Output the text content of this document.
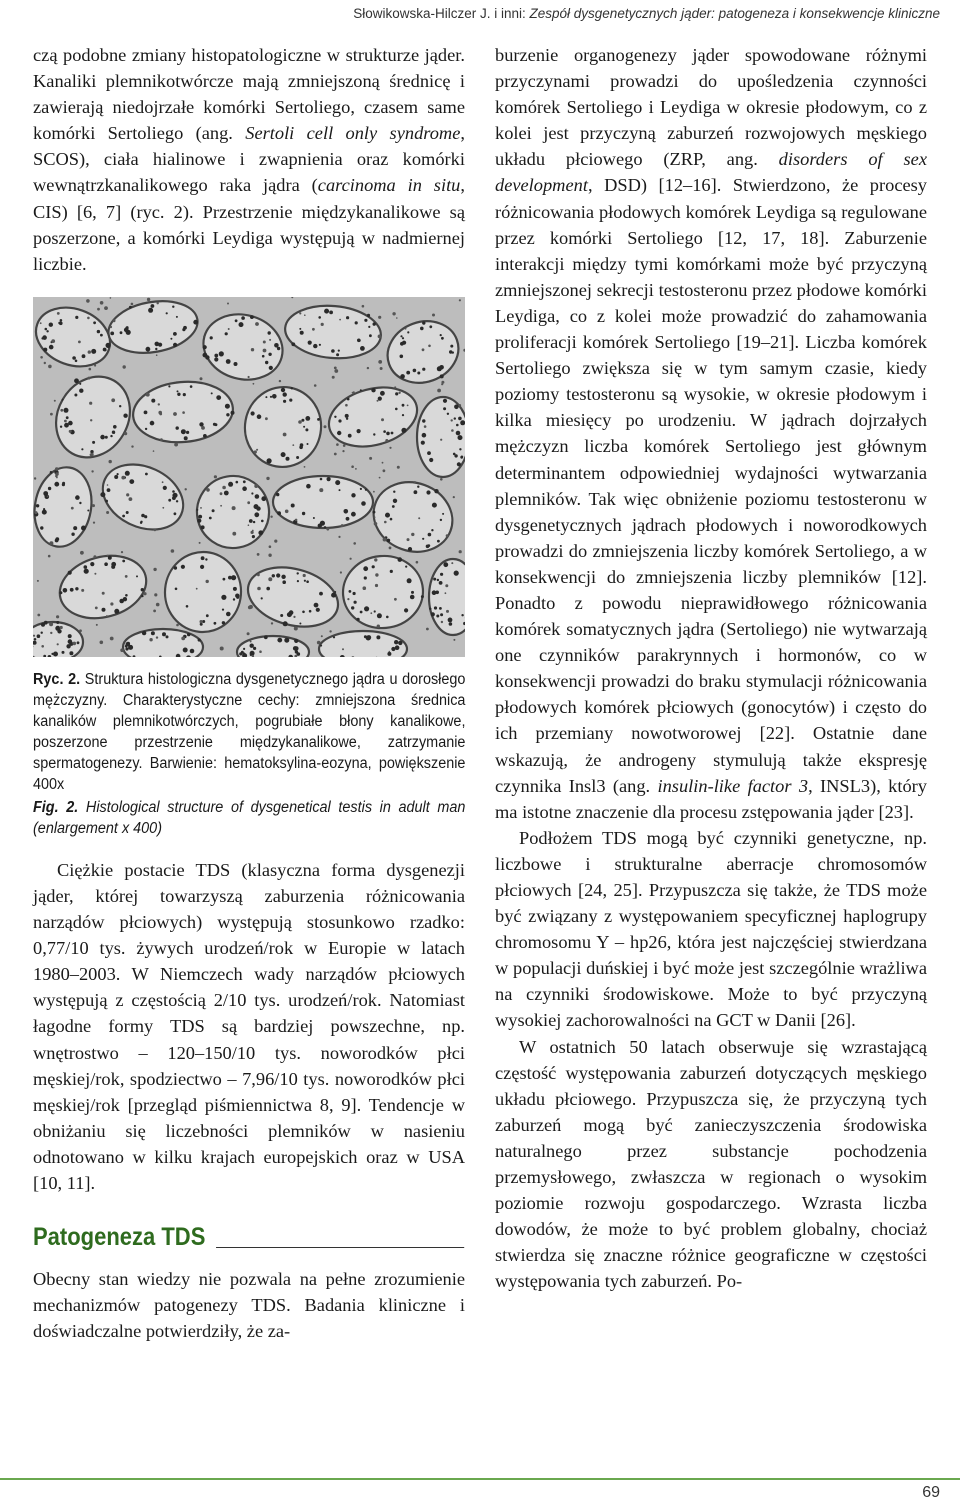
Słowikowska-Hilczer J. i inni: Zespół dysgenetycznych jąder: patogeneza i konsekwencje kliniczne

czą podobne zmiany histopatologiczne w strukturze jąder. Kanaliki plemnikotwórcze mają zmniejszoną średnicę i zawierają niedojrzałe komórki Sertoliego, czasem same komórki Sertoliego (ang. Sertoli cell only syndrome, SCOS), ciała hialinowe i zwapnienia oraz komórki wewnątrzkanalikowego raka jądra (carcinoma in situ, CIS) [6, 7] (ryc. 2). Przestrzenie międzykanalikowe są poszerzone, a komórki Leydiga występują w nadmiernej liczbie.

Ryc. 2. Struktura histologiczna dysgenetycznego jądra u dorosłego mężczyzny. Charakterystyczne cechy: zmniejszona średnica kanalików plemnikotwórczych, pogrubiałe błony kanalikowe, poszerzone przestrzenie międzykanalikowe, zatrzymanie spermatogenezy. Barwienie: hematoksylina-eozyna, powiększenie 400x
Fig. 2. Histological structure of dysgenetical testis in adult man (enlargement x 400)

Ciężkie postacie TDS (klasyczna forma dysgenezji jąder, której towarzyszą zaburzenia różnicowania narządów płciowych) występują stosunkowo rzadko: 0,77/10 tys. żywych urodzeń/rok w Europie w latach 1980–2003. W Niemczech wady narządów płciowych występują z częstością 2/10 tys. urodzeń/rok. Natomiast łagodne formy TDS są bardziej powszechne, np. wnętrostwo – 120–150/10 tys. noworodków płci męskiej/rok, spodziectwo – 7,96/10 tys. noworodków płci męskiej/rok [przegląd piśmiennictwa 8, 9]. Tendencje w obniżaniu się liczebności plemników w nasieniu odnotowano w kilku krajach europejskich oraz w USA [10, 11].

Patogeneza TDS

Obecny stan wiedzy nie pozwala na pełne zrozumienie mechanizmów patogenezy TDS. Badania kliniczne i doświadczalne potwierdziły, że za-

burzenie organogenezy jąder spowodowane różnymi przyczynami prowadzi do upośledzenia czynności komórek Sertoliego i Leydiga w okresie płodowym, co z kolei jest przyczyną zaburzeń rozwojowych męskiego układu płciowego (ZRP, ang. disorders of sex development, DSD) [12–16]. Stwierdzono, że procesy różnicowania płodowych komórek Leydiga są regulowane przez komórki Sertoliego [12, 17, 18]. Zaburzenie interakcji między tymi komórkami może być przyczyną zmniejszonej sekrecji testosteronu przez płodowe komórki Leydiga, co z kolei może prowadzić do zahamowania proliferacji komórek Sertoliego [19–21]. Liczba komórek Sertoliego zwiększa się w tym samym czasie, kiedy poziomy testosteronu są wysokie, w okresie płodowym i kilka miesięcy po urodzeniu. W jądrach dojrzałych mężczyzn liczba komórek Sertoliego jest głównym determinantem odpowiedniej wydajności wytwarzania plemników. Tak więc obniżenie poziomu testosteronu w dysgenetycznych jądrach płodowych i noworodkowych prowadzi do zmniejszenia liczby komórek Sertoliego, a w konsekwencji do zmniejszenia liczby plemników [12]. Ponadto z powodu nieprawidłowego różnicowania komórek somatycznych jądra (Sertoliego) nie wytwarzają one czynników parakrynnych i hormonów, co w konsekwencji prowadzi do braku stymulacji różnicowania płodowych komórek płciowych (gonocytów) i często do ich przemiany nowotworowej [22]. Ostatnie dane wskazują, że androgeny stymulują także ekspresję czynnika Insl3 (ang. insulin-like factor 3, INSL3), który ma istotne znaczenie dla procesu zstępowania jąder [23].

Podłożem TDS mogą być czynniki genetyczne, np. liczbowe i strukturalne aberracje chromosomów płciowych [24, 25]. Przypuszcza się także, że TDS może być związany z występowaniem specyficznej haplogrupy chromosomu Y – hp26, która jest najczęściej stwierdzana w populacji duńskiej i być może jest szczególnie wrażliwa na czynniki środowiskowe. Może to być przyczyną wysokiej zachorowalności na GCT w Danii [26].

W ostatnich 50 latach obserwuje się wzrastającą częstość występowania zaburzeń dotyczących męskiego układu płciowego. Przypuszcza się, że przyczyną tych zaburzeń mogą być zanieczyszczenia środowiska naturalnego przez substancje pochodzenia przemysłowego, zwłaszcza w regionach o wysokim poziomie rozwoju gospodarczego. Wzrasta liczba dowodów, że może to być problem globalny, chociaż stwierdza się znaczne różnice geograficzne w częstości występowania tych zaburzeń. Po-

69
